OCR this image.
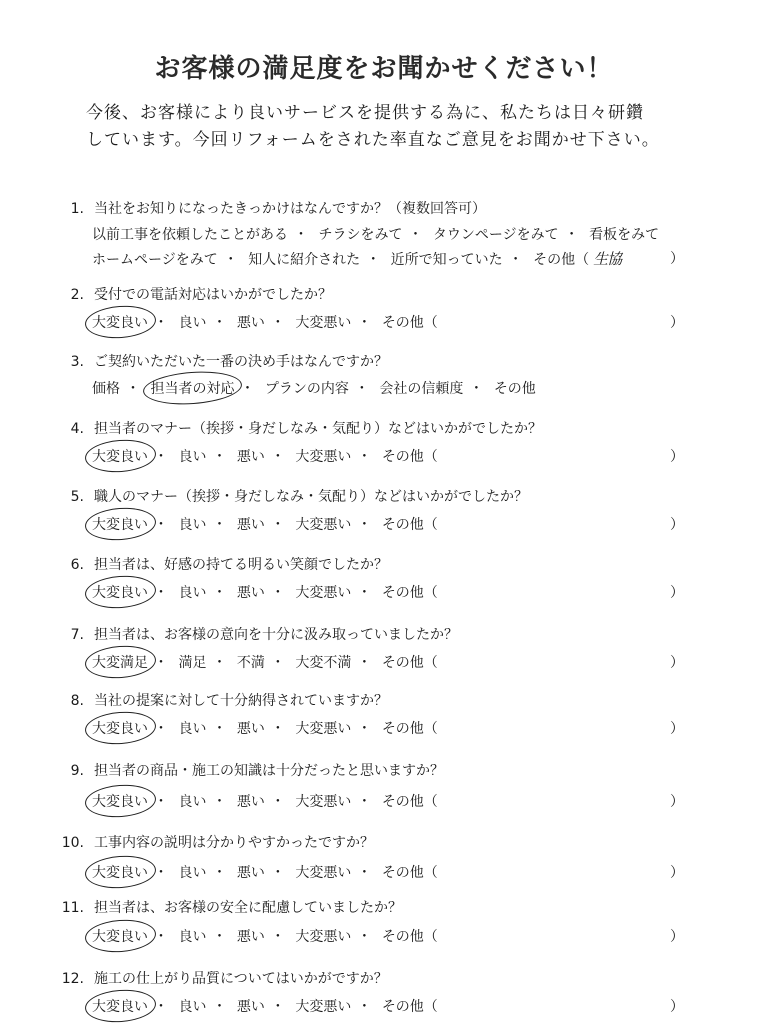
お客様の満足度をお聞かせください！
今後、お客様により良いサービスを提供する為に、私たちは日々研鑽
しています。今回リフォームをされた率直なご意見をお聞かせ下さい。
1. 当社をお知りになったきっかけはなんですか？（複数回答可）
以前工事を依頼したことがある ・ チラシをみて ・ タウンページをみて ・ 看板をみて
ホームページをみて ・ 知人に紹介された ・ 近所で知っていた ・ その他（ 生協	）
2. 受付での電話対応はいかがでしたか？
大変良い ・ 良い ・ 悪い ・ 大変悪い ・ その他（	）
3. ご契約いただいた一番の決め手はなんですか？
価格 ・ 担当者の対応 ・ プランの内容 ・ 会社の信頼度 ・ その他
4. 担当者のマナー（挨拶・身だしなみ・気配り）などはいかがでしたか？
大変良い ・ 良い ・ 悪い ・ 大変悪い ・ その他（	）
5. 職人のマナー（挨拶・身だしなみ・気配り）などはいかがでしたか？
大変良い ・ 良い ・ 悪い ・ 大変悪い ・ その他（	）
6. 担当者は、好感の持てる明るい笑顔でしたか？
大変良い ・ 良い ・ 悪い ・ 大変悪い ・ その他（	）
7. 担当者は、お客様の意向を十分に汲み取っていましたか？
大変満足 ・ 満足 ・ 不満 ・ 大変不満 ・ その他（	）
8. 当社の提案に対して十分納得されていますか？
大変良い ・ 良い ・ 悪い ・ 大変悪い ・ その他（	）
9. 担当者の商品・施工の知識は十分だったと思いますか？
大変良い ・ 良い ・ 悪い ・ 大変悪い ・ その他（	）
10. 工事内容の説明は分かりやすかったですか？
大変良い ・ 良い ・ 悪い ・ 大変悪い ・ その他（	）
11. 担当者は、お客様の安全に配慮していましたか？
大変良い ・ 良い ・ 悪い ・ 大変悪い ・ その他（	）
12. 施工の仕上がり品質についてはいかがですか？
大変良い ・ 良い ・ 悪い ・ 大変悪い ・ その他（	）
